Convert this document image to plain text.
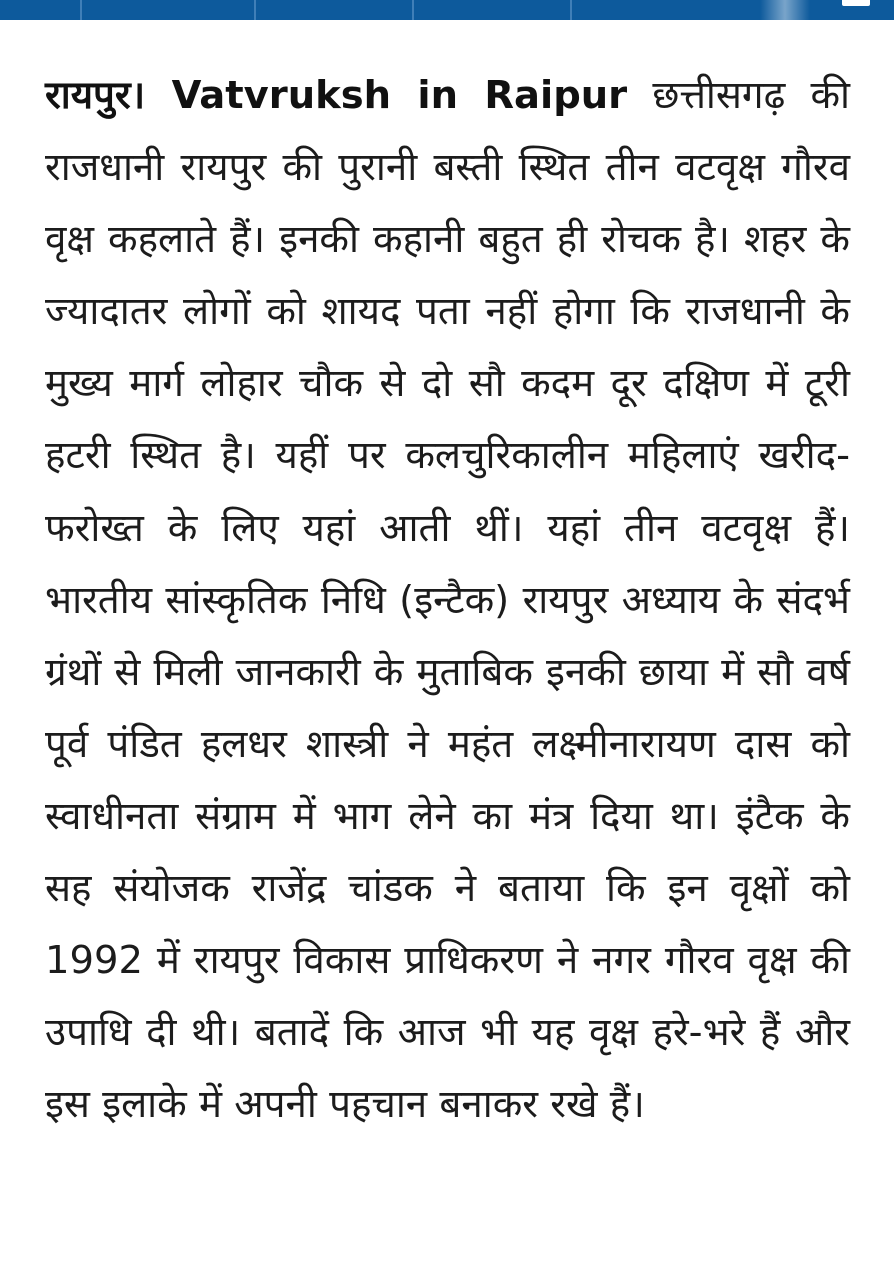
रायपुर। Vatvruksh in Raipur छत्तीसगढ़ की राजधानी रायपुर की पुरानी बस्ती स्थित तीन वटवृक्ष गौरव वृक्ष कहलाते हैं। इनकी कहानी बहुत ही रोचक है। शहर के ज्यादातर लोगों को शायद पता नहीं होगा कि राजधानी के मुख्य मार्ग लोहार चौक से दो सौ कदम दूर दक्षिण में टूरी हटरी स्थित है। यहीं पर कलचुरिकालीन महिलाएं खरीद-फरोख्त के लिए यहां आती थीं। यहां तीन वटवृक्ष हैं। भारतीय सांस्कृतिक निधि (इन्टैक) रायपुर अध्याय के संदर्भ ग्रंथों से मिली जानकारी के मुताबिक इनकी छाया में सौ वर्ष पूर्व पंडित हलधर शास्त्री ने महंत लक्ष्मीनारायण दास को स्वाधीनता संग्राम में भाग लेने का मंत्र दिया था। इंटैक के सह संयोजक राजेंद्र चांडक ने बताया कि इन वृक्षों को 1992 में रायपुर विकास प्राधिकरण ने नगर गौरव वृक्ष की उपाधि दी थी। बतादें कि आज भी यह वृक्ष हरे-भरे हैं और इस इलाके में अपनी पहचान बनाकर रखे हैं।
